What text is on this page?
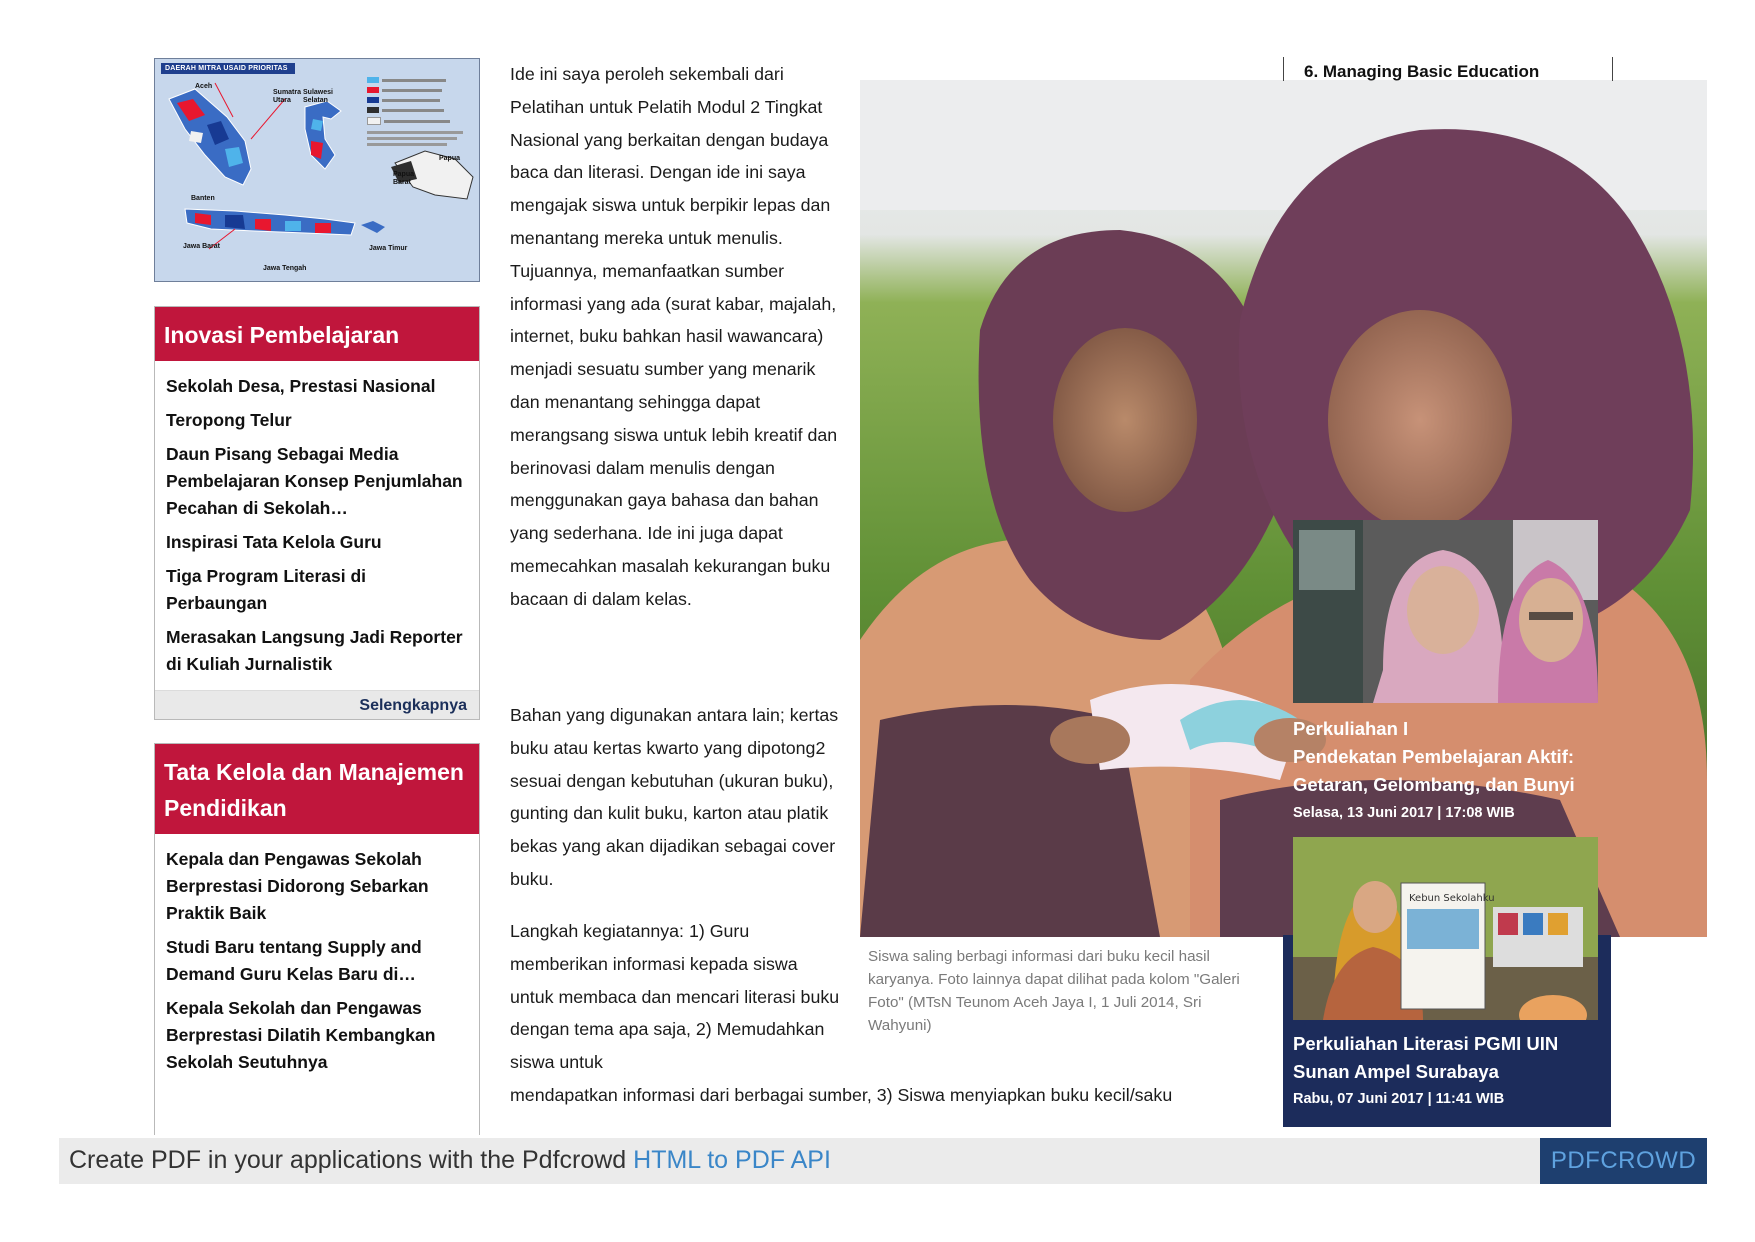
DAERAH MITRA USAID PRIORITAS
Aceh
Sumatra Utara
Sulawesi Selatan
Papua
Papua Barat
Banten
Jawa Barat
Jawa Tengah
Jawa Timur
Inovasi Pembelajaran
Sekolah Desa, Prestasi Nasional
Teropong Telur
Daun Pisang Sebagai Media Pembelajaran Konsep Penjumlahan Pecahan di Sekolah…
Inspirasi Tata Kelola Guru
Tiga Program Literasi di Perbaungan
Merasakan Langsung Jadi Reporter di Kuliah Jurnalistik
Selengkapnya
Tata Kelola dan Manajemen Pendidikan
Kepala dan Pengawas Sekolah Berprestasi Didorong Sebarkan Praktik Baik
Studi Baru tentang Supply and Demand Guru Kelas Baru di…
Kepala Sekolah dan Pengawas Berprestasi Dilatih Kembangkan Sekolah Seutuhnya

Ide ini saya peroleh sekembali dari Pelatihan untuk Pelatih Modul 2 Tingkat Nasional yang berkaitan dengan budaya baca dan literasi. Dengan ide ini saya mengajak siswa untuk berpikir lepas dan menantang mereka untuk menulis. Tujuannya, memanfaatkan sumber informasi yang ada (surat kabar, majalah, internet, buku bahkan hasil wawancara) menjadi sesuatu sumber yang menarik dan menantang sehingga dapat merangsang siswa untuk lebih kreatif dan berinovasi dalam menulis dengan menggunakan gaya bahasa dan bahan yang sederhana. Ide ini juga dapat memecahkan masalah kekurangan buku bacaan di dalam kelas.

Bahan yang digunakan antara lain; kertas buku atau kertas kwarto yang dipotong2 sesuai dengan kebutuhan (ukuran buku), gunting dan kulit buku, karton atau platik bekas yang akan dijadikan sebagai cover buku.

Langkah kegiatannya: 1) Guru memberikan informasi kepada siswa untuk membaca dan mencari literasi buku dengan tema apa saja, 2) Memudahkan siswa untuk

mendapatkan informasi dari berbagai sumber, 3) Siswa menyiapkan buku kecil/saku

Siswa saling berbagi informasi dari buku kecil hasil karyanya. Foto lainnya dapat dilihat pada kolom "Galeri Foto" (MTsN Teunom Aceh Jaya I, 1 Juli 2014, Sri Wahyuni)
6. Managing Basic Education
Perkuliahan I
Pendekatan Pembelajaran Aktif:
Getaran, Gelombang, dan Bunyi
Selasa, 13 Juni 2017 | 17:08 WIB
Kebun Sekolahku
Perkuliahan Literasi PGMI UIN Sunan Ampel Surabaya
Rabu, 07 Juni 2017 | 11:41 WIB
Create PDF in your applications with the Pdfcrowd HTML to PDF API	PDFCROWD
